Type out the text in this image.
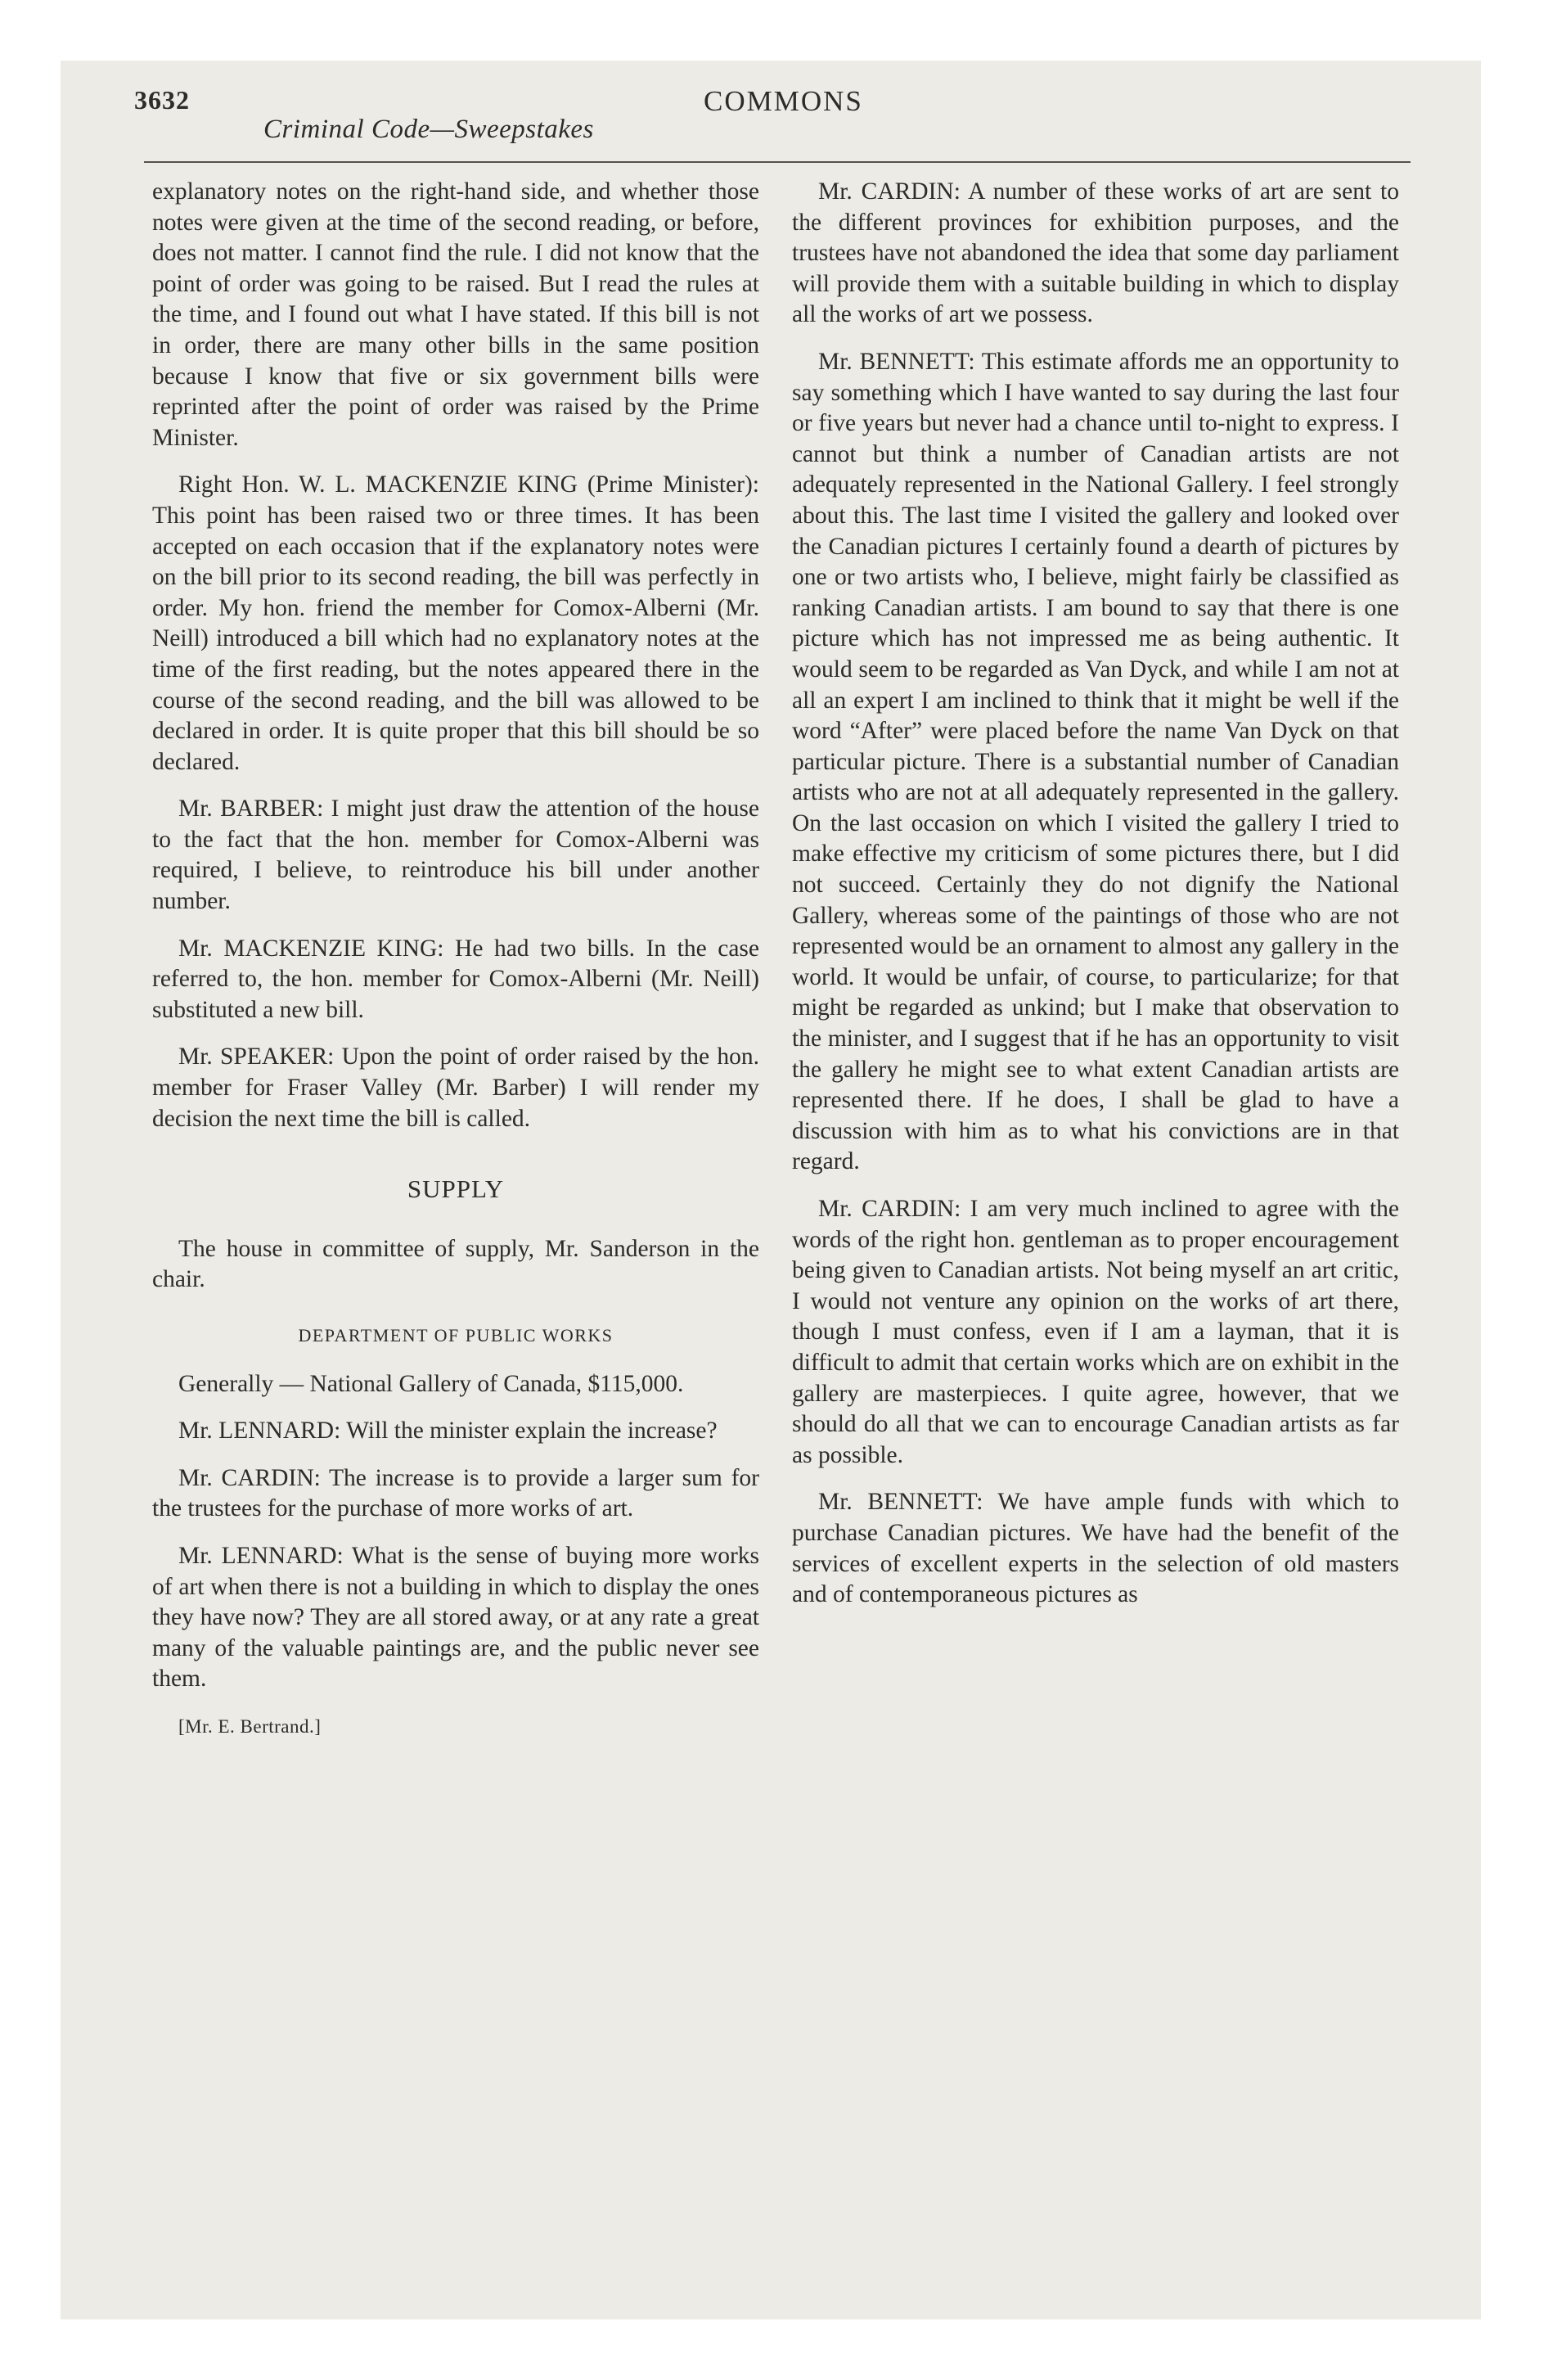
3632
Criminal Code—Sweepstakes
COMMONS

explanatory notes on the right-hand side, and whether those notes were given at the time of the second reading, or before, does not matter. I cannot find the rule. I did not know that the point of order was going to be raised. But I read the rules at the time, and I found out what I have stated. If this bill is not in order, there are many other bills in the same position because I know that five or six government bills were reprinted after the point of order was raised by the Prime Minister.

Right Hon. W. L. MACKENZIE KING (Prime Minister): This point has been raised two or three times. It has been accepted on each occasion that if the explanatory notes were on the bill prior to its second reading, the bill was perfectly in order. My hon. friend the member for Comox-Alberni (Mr. Neill) introduced a bill which had no explanatory notes at the time of the first reading, but the notes appeared there in the course of the second reading, and the bill was allowed to be declared in order. It is quite proper that this bill should be so declared.

Mr. BARBER: I might just draw the attention of the house to the fact that the hon. member for Comox-Alberni was required, I believe, to reintroduce his bill under another number.

Mr. MACKENZIE KING: He had two bills. In the case referred to, the hon. member for Comox-Alberni (Mr. Neill) substituted a new bill.

Mr. SPEAKER: Upon the point of order raised by the hon. member for Fraser Valley (Mr. Barber) I will render my decision the next time the bill is called.

SUPPLY

The house in committee of supply, Mr. Sanderson in the chair.

DEPARTMENT OF PUBLIC WORKS

Generally — National Gallery of Canada, $115,000.

Mr. LENNARD: Will the minister explain the increase?

Mr. CARDIN: The increase is to provide a larger sum for the trustees for the purchase of more works of art.

Mr. LENNARD: What is the sense of buying more works of art when there is not a building in which to display the ones they have now? They are all stored away, or at any rate a great many of the valuable paintings are, and the public never see them.

[Mr. E. Bertrand.]

Mr. CARDIN: A number of these works of art are sent to the different provinces for exhibition purposes, and the trustees have not abandoned the idea that some day parliament will provide them with a suitable building in which to display all the works of art we possess.

Mr. BENNETT: This estimate affords me an opportunity to say something which I have wanted to say during the last four or five years but never had a chance until to-night to express. I cannot but think a number of Canadian artists are not adequately represented in the National Gallery. I feel strongly about this. The last time I visited the gallery and looked over the Canadian pictures I certainly found a dearth of pictures by one or two artists who, I believe, might fairly be classified as ranking Canadian artists. I am bound to say that there is one picture which has not impressed me as being authentic. It would seem to be regarded as Van Dyck, and while I am not at all an expert I am inclined to think that it might be well if the word “After” were placed before the name Van Dyck on that particular picture. There is a substantial number of Canadian artists who are not at all adequately represented in the gallery. On the last occasion on which I visited the gallery I tried to make effective my criticism of some pictures there, but I did not succeed. Certainly they do not dignify the National Gallery, whereas some of the paintings of those who are not represented would be an ornament to almost any gallery in the world. It would be unfair, of course, to particularize; for that might be regarded as unkind; but I make that observation to the minister, and I suggest that if he has an opportunity to visit the gallery he might see to what extent Canadian artists are represented there. If he does, I shall be glad to have a discussion with him as to what his convictions are in that regard.

Mr. CARDIN: I am very much inclined to agree with the words of the right hon. gentleman as to proper encouragement being given to Canadian artists. Not being myself an art critic, I would not venture any opinion on the works of art there, though I must confess, even if I am a layman, that it is difficult to admit that certain works which are on exhibit in the gallery are masterpieces. I quite agree, however, that we should do all that we can to encourage Canadian artists as far as possible.

Mr. BENNETT: We have ample funds with which to purchase Canadian pictures. We have had the benefit of the services of excellent experts in the selection of old masters and of contemporaneous pictures as
